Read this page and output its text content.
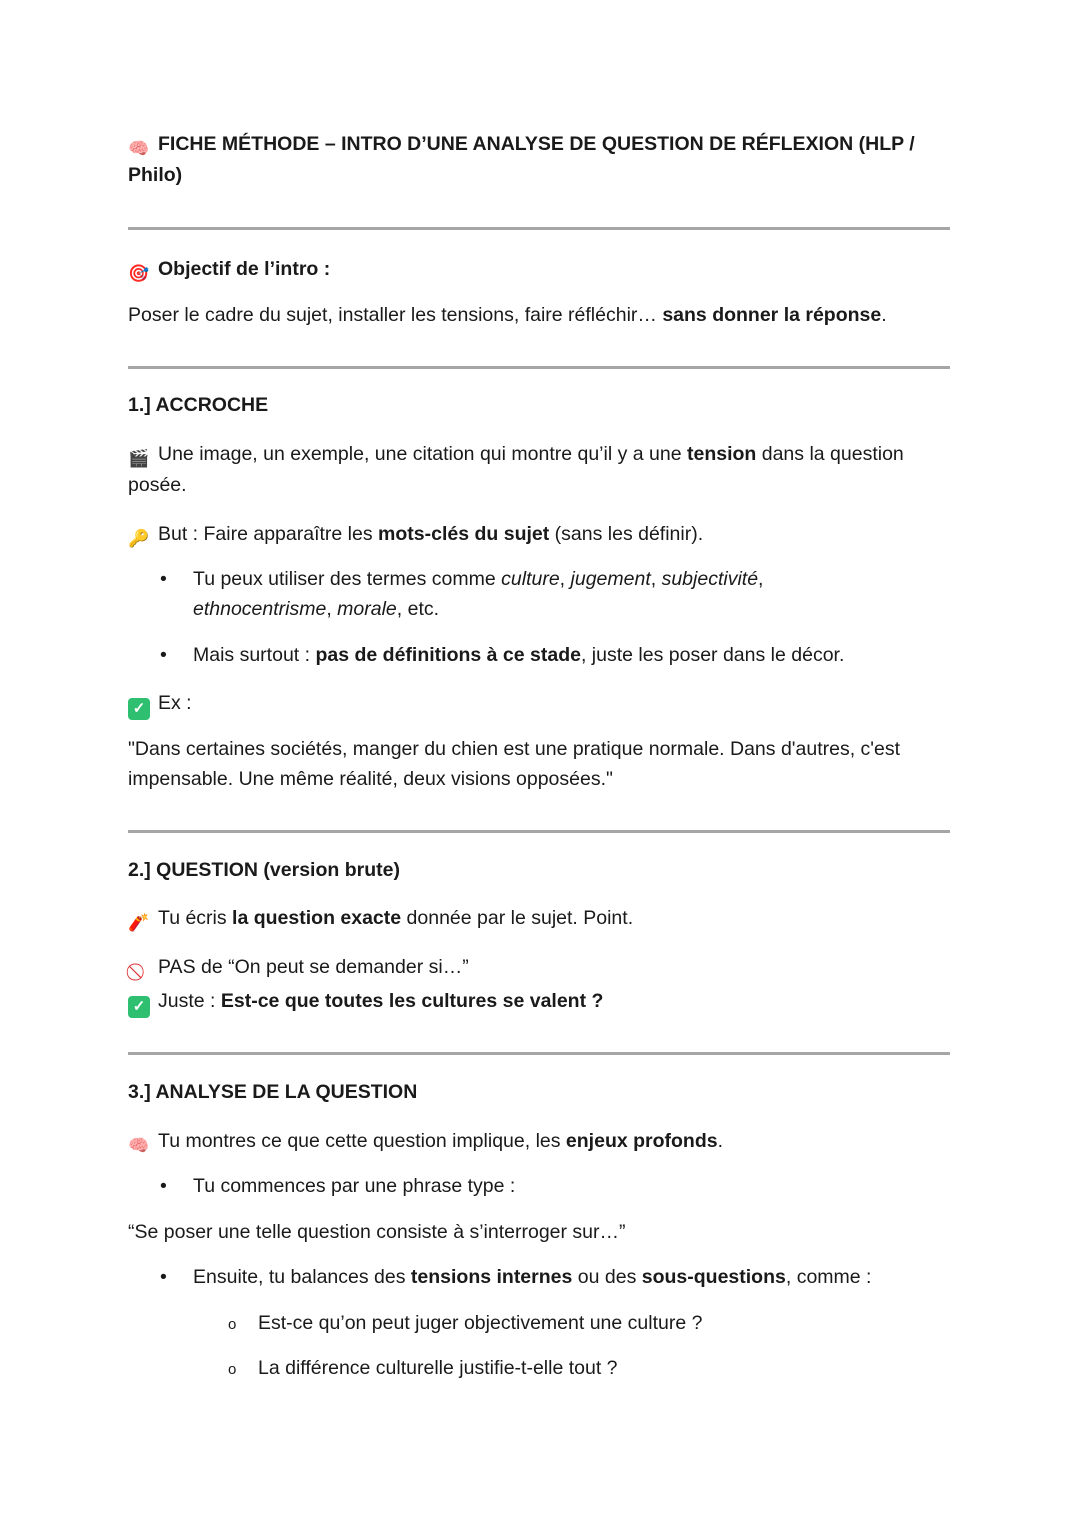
🧠 FICHE MÉTHODE – INTRO D’UNE ANALYSE DE QUESTION DE RÉFLEXION (HLP / Philo)
🎯 Objectif de l’intro :
Poser le cadre du sujet, installer les tensions, faire réfléchir… sans donner la réponse.
1.] ACCROCHE
🎬 Une image, un exemple, une citation qui montre qu’il y a une tension dans la question posée.
🔑 But : Faire apparaître les mots-clés du sujet (sans les définir).
• Tu peux utiliser des termes comme culture, jugement, subjectivité, ethnocentrisme, morale, etc.
• Mais surtout : pas de définitions à ce stade, juste les poser dans le décor.
✓ Ex :
"Dans certaines sociétés, manger du chien est une pratique normale. Dans d'autres, c'est impensable. Une même réalité, deux visions opposées."
2.] QUESTION (version brute)
🧨 Tu écris la question exacte donnée par le sujet. Point.
PAS de “On peut se demander si…”
✓ Juste : Est-ce que toutes les cultures se valent ?
3.] ANALYSE DE LA QUESTION
🧠 Tu montres ce que cette question implique, les enjeux profonds.
• Tu commences par une phrase type :
“Se poser une telle question consiste à s’interroger sur…”
• Ensuite, tu balances des tensions internes ou des sous-questions, comme :
o Est-ce qu’on peut juger objectivement une culture ?
o La différence culturelle justifie-t-elle tout ?
